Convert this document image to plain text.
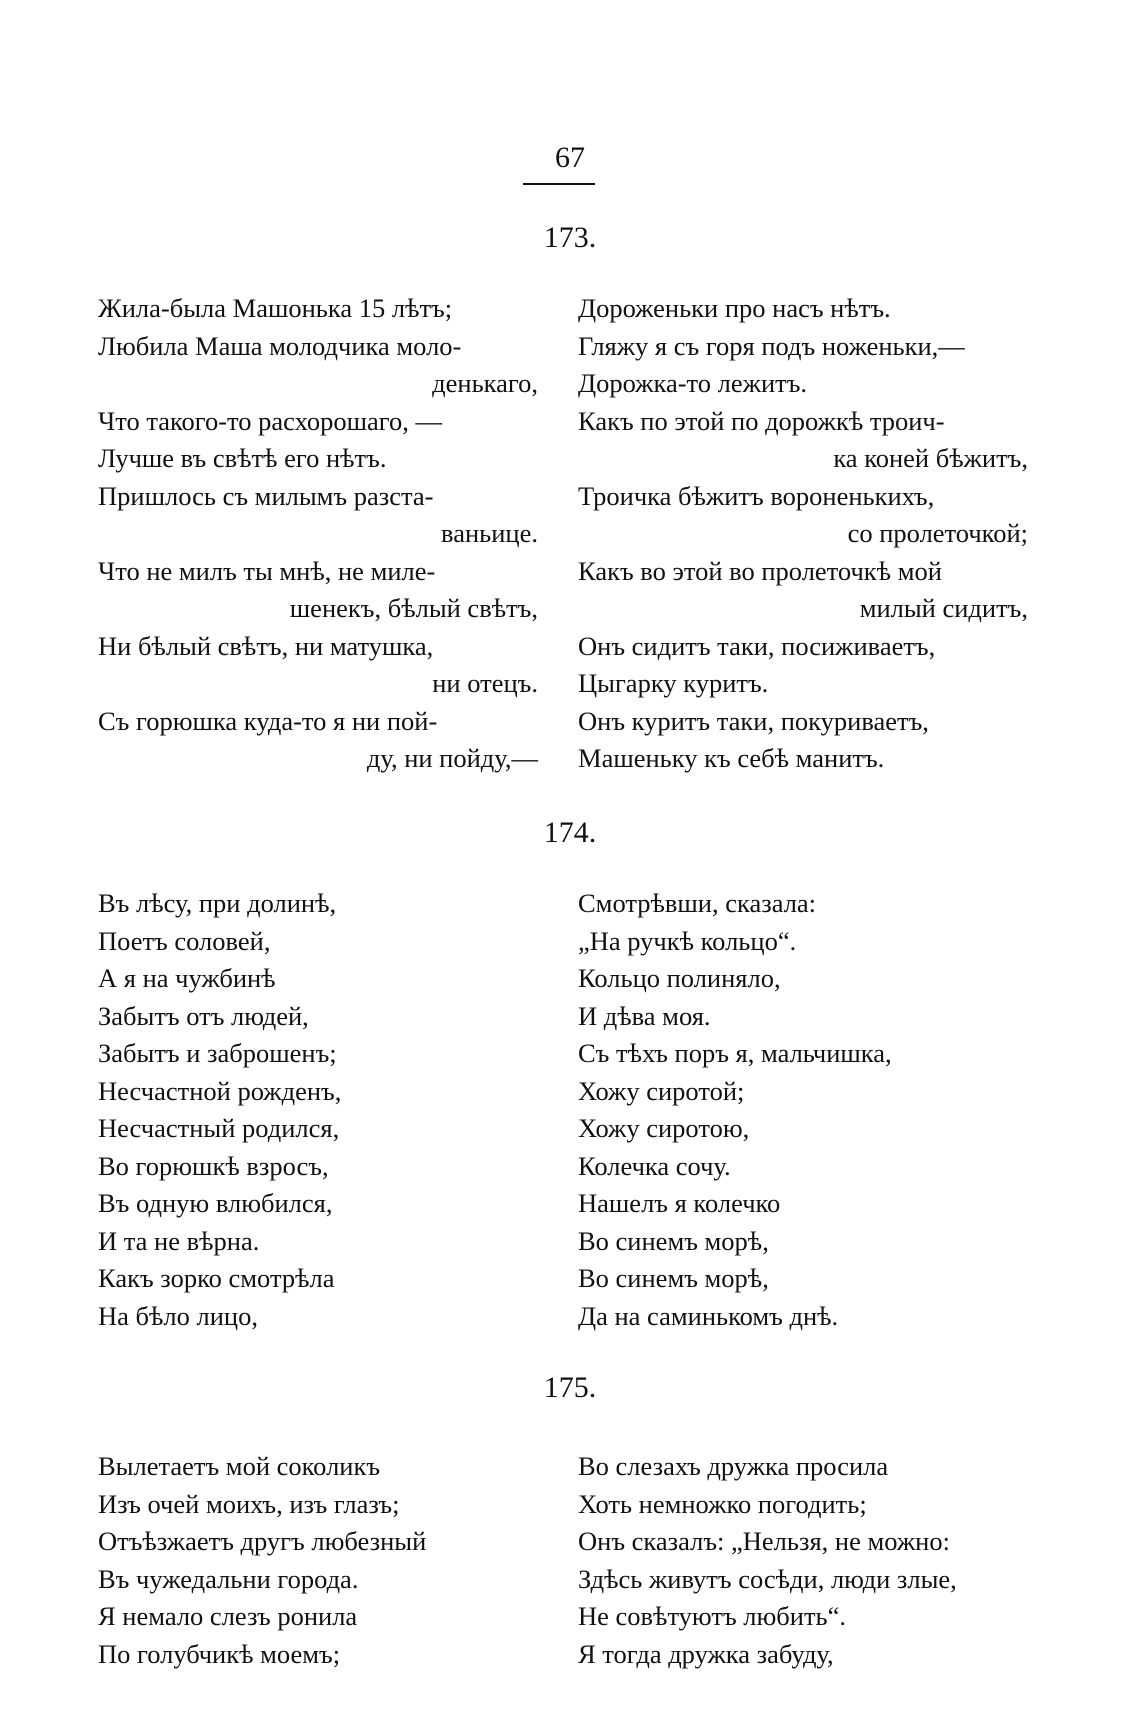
67
173.
Жила-была Машонька 15 лѣтъ;
Любила Маша молодчика моло-
денькаго,
Что такого-то расхорошаго, —
Лучше въ свѣтѣ его нѣтъ.
Пришлось съ милымъ разста-
ваньице.
Что не милъ ты мнѣ, не миле-
шенекъ, бѣлый свѣтъ,
Ни бѣлый свѣтъ, ни матушка,
ни отецъ.
Съ горюшка куда-то я ни пой-
ду, ни пойду,—
Дороженьки про насъ нѣтъ.
Гляжу я съ горя подъ ноженьки,—
Дорожка-то лежитъ.
Какъ по этой по дорожкѣ троич-
ка коней бѣжитъ,
Троичка бѣжитъ вороненькихъ,
со пролеточкой;
Какъ во этой во пролеточкѣ мой
милый сидитъ,
Онъ сидитъ таки, посиживаетъ,
Цыгарку куритъ.
Онъ куритъ таки, покуриваетъ,
Машеньку къ себѣ манитъ.
174.
Въ лѣсу, при долинѣ,
Поетъ соловей,
А я на чужбинѣ
Забытъ отъ людей,
Забытъ и заброшенъ;
Несчастной рожденъ,
Несчастный родился,
Во горюшкѣ взросъ,
Въ одную влюбился,
И та не вѣрна.
Какъ зорко смотрѣла
На бѣло лицо,
Смотрѣвши, сказала:
„На ручкѣ кольцо“.
Кольцо полиняло,
И дѣва моя.
Съ тѣхъ поръ я, мальчишка,
Хожу сиротой;
Хожу сиротою,
Колечка сочу.
Нашелъ я колечко
Во синемъ морѣ,
Во синемъ морѣ,
Да на саминькомъ днѣ.
175.
Вылетаетъ мой соколикъ
Изъ очей моихъ, изъ глазъ;
Отъѣзжаетъ другъ любезный
Въ чужедальни города.
Я немало слезъ ронила
По голубчикѣ моемъ;
Во слезахъ дружка просила
Хоть немножко погодить;
Онъ сказалъ: „Нельзя, не можно:
Здѣсь живутъ сосѣди, люди злые,
Не совѣтуютъ любить“.
Я тогда дружка забуду,
